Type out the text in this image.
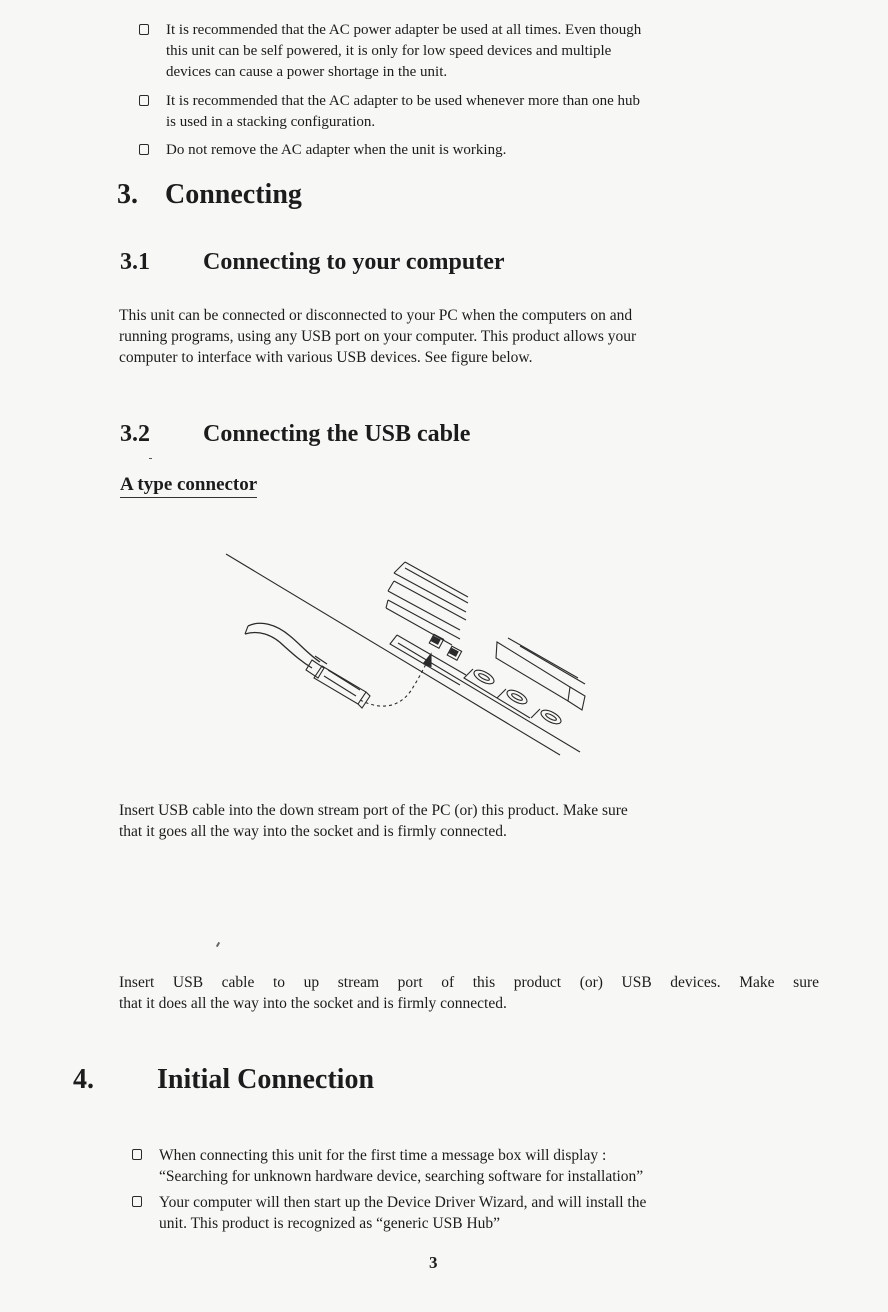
It is recommended that the AC power adapter be used at all times. Even though
this unit can be self powered, it is only for low speed devices and multiple
devices can cause a power shortage in the unit.
It is recommended that the AC adapter to be used whenever more than one hub
is used in a stacking configuration.
Do not remove the AC adapter when the unit is working.
3. Connecting
3.1 Connecting to your computer
This unit can be connected or disconnected to your PC when the computers on and
running programs, using any USB port on your computer. This product allows your
computer to interface with various USB devices. See figure below.
3.2 Connecting the USB cable
A type connector
Insert USB cable into the down stream port of the PC (or) this product. Make sure
that it goes all the way into the socket and is firmly connected.
Insert USB cable to up stream port of this product (or) USB devices. Make sure
that it does all the way into the socket and is firmly connected.
4. Initial Connection
When connecting this unit for the first time a message box will display :
“Searching for unknown hardware device, searching software for installation”
Your computer will then start up the Device Driver Wizard, and will install the
unit. This product is recognized as “generic USB Hub”
3
